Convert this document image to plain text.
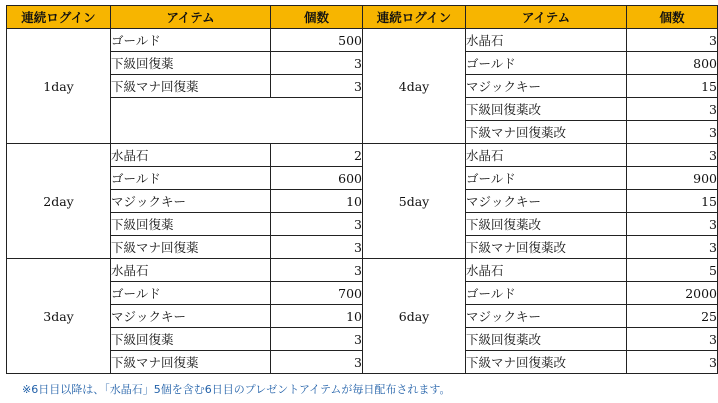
連続ログイン	アイテム	個数	連続ログイン	アイテム	個数
1day	ゴールド	500	4day	水晶石	3
	下級回復薬	3		ゴールド	800
	下級マナ回復薬	3		マジックキー	15
				下級回復薬改	3
				下級マナ回復薬改	3
2day	水晶石	2	5day	水晶石	3
	ゴールド	600		ゴールド	900
	マジックキー	10		マジックキー	15
	下級回復薬	3		下級回復薬改	3
	下級マナ回復薬	3		下級マナ回復薬改	3
3day	水晶石	3	6day	水晶石	5
	ゴールド	700		ゴールド	2000
	マジックキー	10		マジックキー	25
	下級回復薬	3		下級回復薬改	3
	下級マナ回復薬	3		下級マナ回復薬改	3
※6日目以降は、「水晶石」5個を含む6日目のプレゼントアイテムが毎日配布されます。
